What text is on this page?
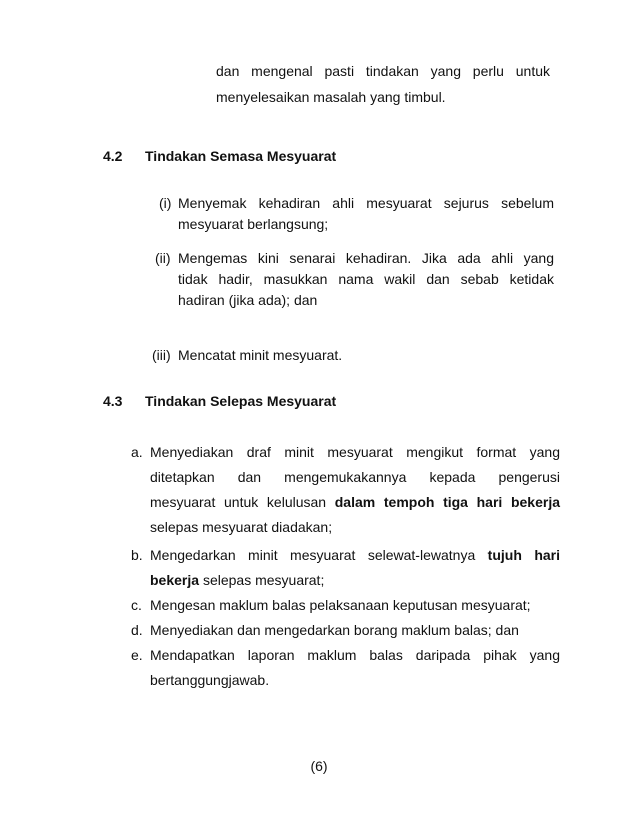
dan mengenal pasti tindakan yang perlu untuk
menyelesaikan masalah yang timbul.
4.2 Tindakan Semasa Mesyuarat
(i) Menyemak kehadiran ahli mesyuarat sejurus sebelum
mesyuarat berlangsung;
(ii) Mengemas kini senarai kehadiran. Jika ada ahli yang
tidak hadir, masukkan nama wakil dan sebab ketidak
hadiran (jika ada); dan
(iii) Mencatat minit mesyuarat.
4.3 Tindakan Selepas Mesyuarat
a. Menyediakan draf minit mesyuarat mengikut format yang
ditetapkan dan mengemukakannya kepada pengerusi
mesyuarat untuk kelulusan dalam tempoh tiga hari bekerja
selepas mesyuarat diadakan;
b. Mengedarkan minit mesyuarat selewat-lewatnya tujuh hari
bekerja selepas mesyuarat;
c. Mengesan maklum balas pelaksanaan keputusan mesyuarat;
d. Menyediakan dan mengedarkan borang maklum balas; dan
e. Mendapatkan laporan maklum balas daripada pihak yang
bertanggungjawab.
(6)
